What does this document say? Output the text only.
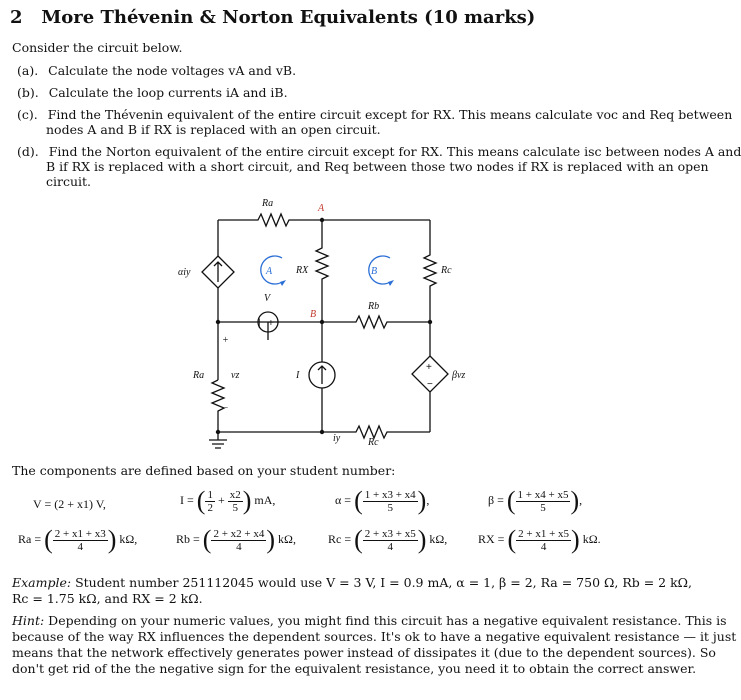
2 More Thévenin & Norton Equivalents (10 marks)
Consider the circuit below.
(a). Calculate the node voltages vA and vB.
(b). Calculate the loop currents iA and iB.
(c). Find the Thévenin equivalent of the entire circuit except for RX. This means calculate voc and Req between
nodes A and B if RX is replaced with an open circuit.
(d). Find the Norton equivalent of the entire circuit except for RX. This means calculate isc between nodes A and
B if RX is replaced with a short circuit, and Req between those two nodes if RX is replaced with an open
circuit.
Ra	A
αiy	A RX	B	Rc
V
Rb
B
+
Ra	vz	I	βvz
−
iy	Rc
| +
+
−
The components are defined based on your student number:
V = (2 + x1) V,	I = ( $\frac{1}{2} + \frac{x2}{5}$ ) mA,	α = ( $\frac{1 + x3 + x4}{5}$ ),	β = ( $\frac{1 + x4 + x5}{5}$ ),
Ra = ( $\frac{2 + x1 + x3}{4}$ ) kΩ,	Rb = ( $\frac{2 + x2 + x4}{4}$ ) kΩ,	Rc = ( $\frac{2 + x3 + x5}{4}$ ) kΩ,	RX = ( $\frac{2 + x1 + x5}{4}$ ) kΩ.
Example: Student number 251112045 would use V = 3 V, I = 0.9 mA, α = 1, β = 2, Ra = 750 Ω, Rb = 2 kΩ,
Rc = 1.75 kΩ, and RX = 2 kΩ.
Hint: Depending on your numeric values, you might find this circuit has a negative equivalent resistance. This is
because of the way RX influences the dependent sources. It's ok to have a negative equivalent resistance — it just
means that the network effectively generates power instead of dissipates it (due to the dependent sources). So
don't get rid of the the negative sign for the equivalent resistance, you need it to obtain the correct answer.
